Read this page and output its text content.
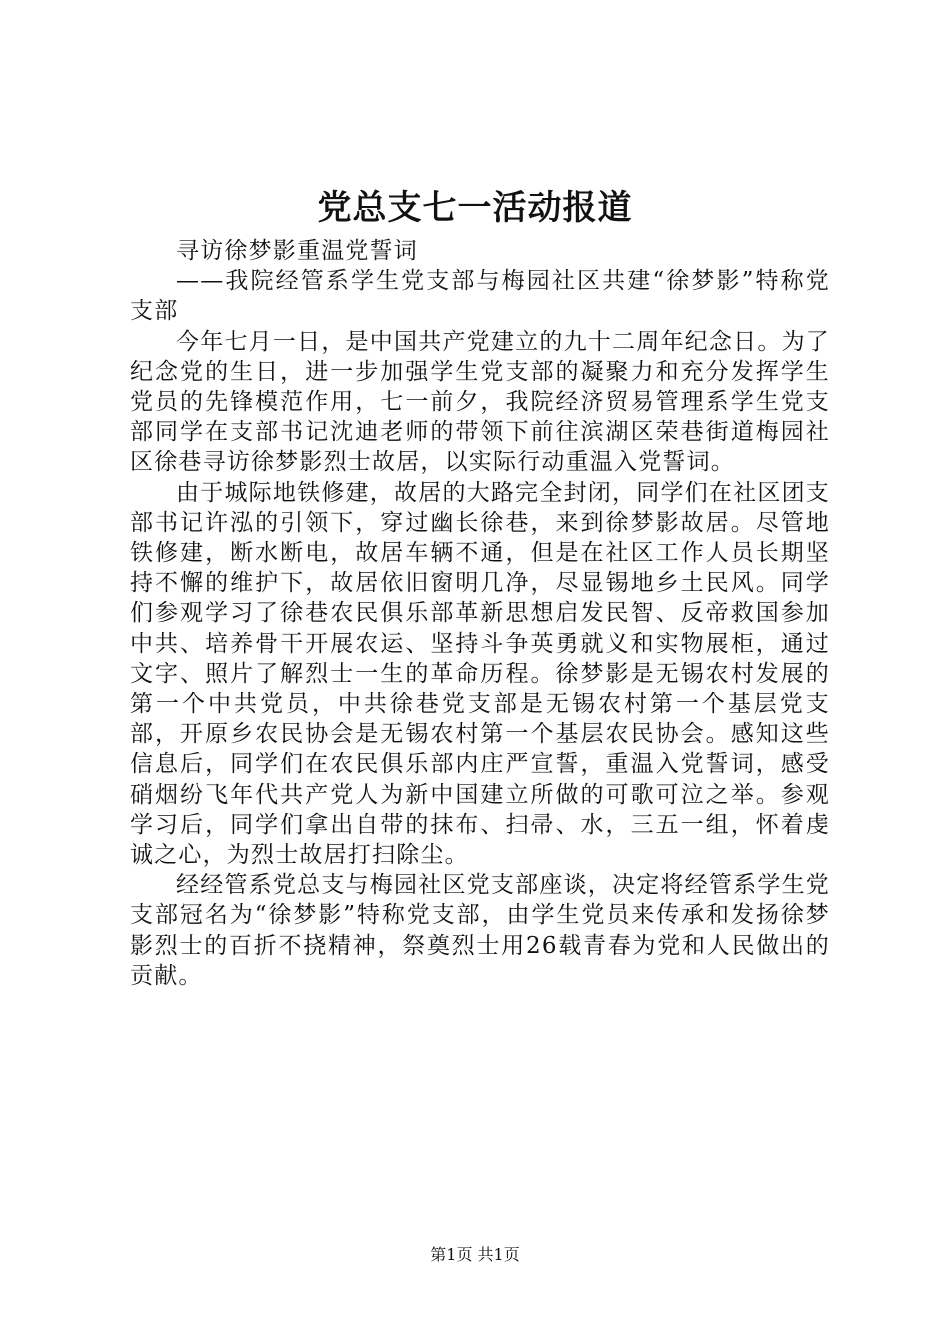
党总支七一活动报道

寻访徐梦影重温党誓词

——我院经管系学生党支部与梅园社区共建“徐梦影”特称党支部

今年七月一日，是中国共产党建立的九十二周年纪念日。为了纪念党的生日，进一步加强学生党支部的凝聚力和充分发挥学生党员的先锋模范作用，七一前夕，我院经济贸易管理系学生党支部同学在支部书记沈迪老师的带领下前往滨湖区荣巷街道梅园社区徐巷寻访徐梦影烈士故居，以实际行动重温入党誓词。

由于城际地铁修建，故居的大路完全封闭，同学们在社区团支部书记许泓的引领下，穿过幽长徐巷，来到徐梦影故居。尽管地铁修建，断水断电，故居车辆不通，但是在社区工作人员长期坚持不懈的维护下，故居依旧窗明几净，尽显锡地乡土民风。同学们参观学习了徐巷农民俱乐部革新思想启发民智、反帝救国参加中共、培养骨干开展农运、坚持斗争英勇就义和实物展柜，通过文字、照片了解烈士一生的革命历程。徐梦影是无锡农村发展的第一个中共党员，中共徐巷党支部是无锡农村第一个基层党支部，开原乡农民协会是无锡农村第一个基层农民协会。感知这些信息后，同学们在农民俱乐部内庄严宣誓，重温入党誓词，感受硝烟纷飞年代共产党人为新中国建立所做的可歌可泣之举。参观学习后，同学们拿出自带的抹布、扫帚、水，三五一组，怀着虔诚之心，为烈士故居打扫除尘。

经经管系党总支与梅园社区党支部座谈，决定将经管系学生党支部冠名为“徐梦影”特称党支部，由学生党员来传承和发扬徐梦影烈士的百折不挠精神，祭奠烈士用26载青春为党和人民做出的贡献。

第1页 共1页
